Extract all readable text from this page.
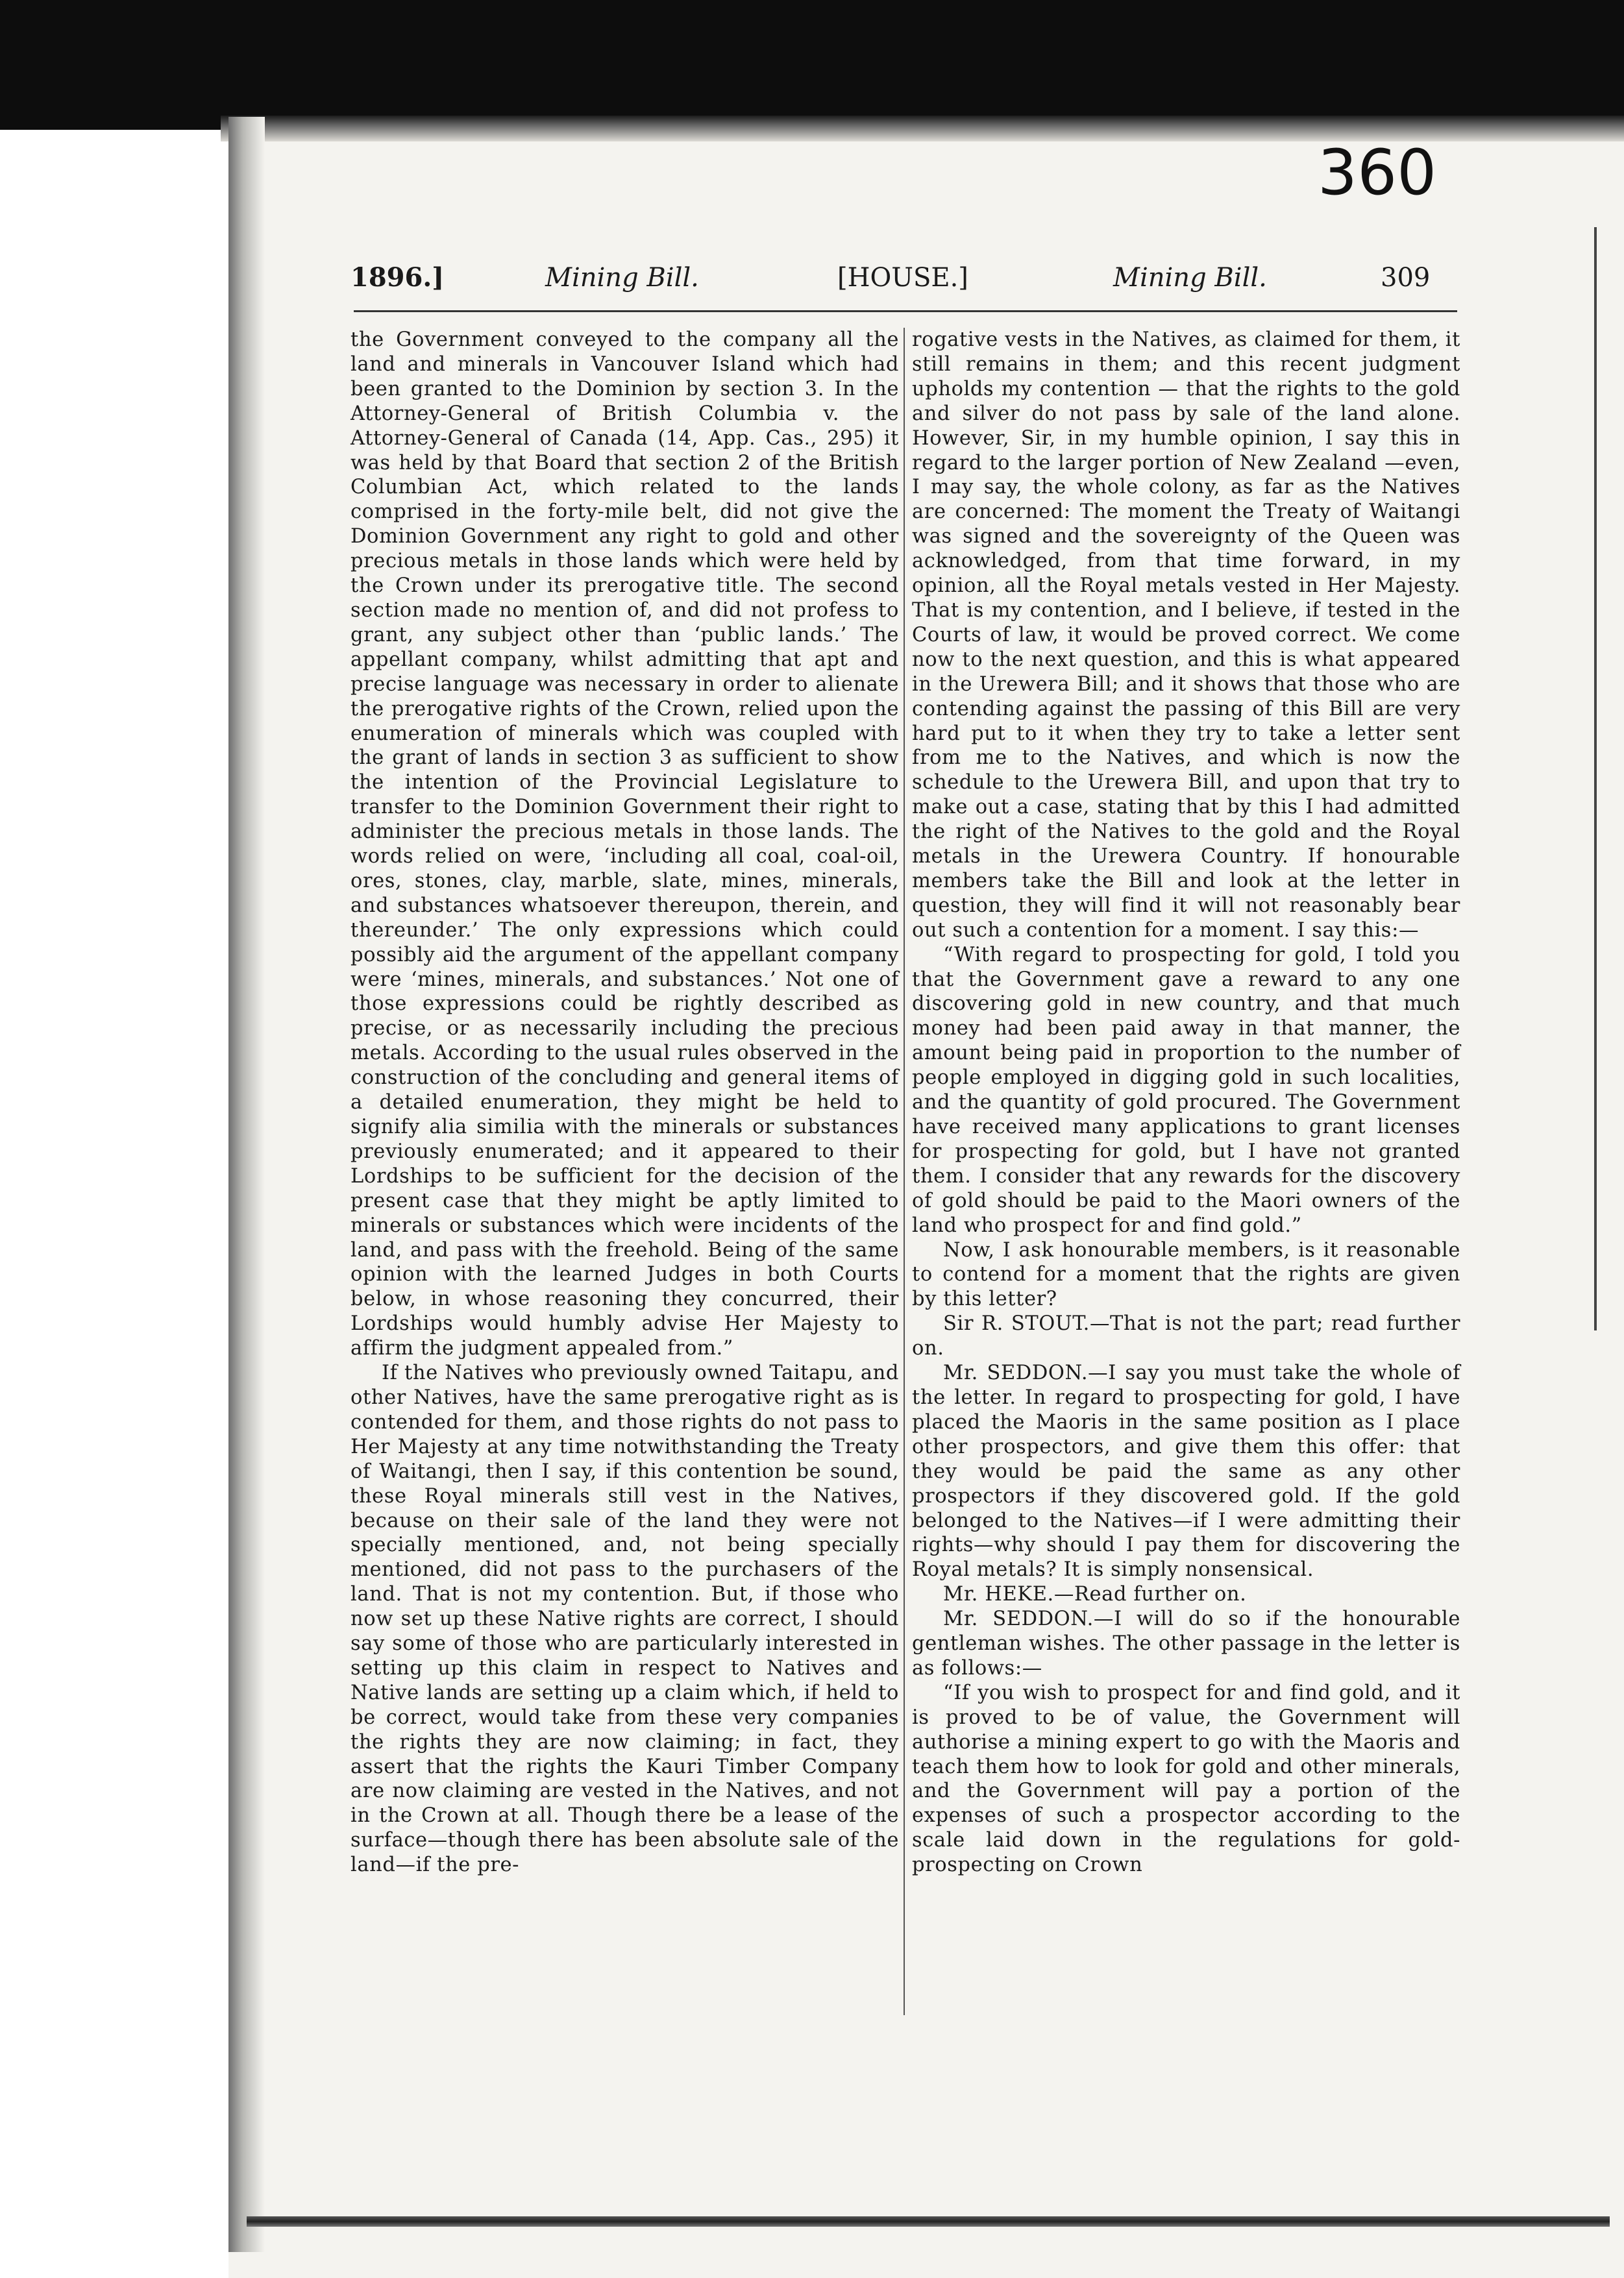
360
1896.]	Mining Bill.	[HOUSE.]	Mining Bill.	309

the Government conveyed to the company all the land and minerals in Vancouver Island which had been granted to the Dominion by section 3. In the Attorney-General of British Columbia v. the Attorney-General of Canada (14, App. Cas., 295) it was held by that Board that section 2 of the British Columbian Act, which related to the lands comprised in the forty-mile belt, did not give the Dominion Government any right to gold and other precious metals in those lands which were held by the Crown under its prerogative title. The second section made no mention of, and did not profess to grant, any subject other than ‘public lands.’ The appellant company, whilst admitting that apt and precise language was necessary in order to alienate the prerogative rights of the Crown, relied upon the enumeration of minerals which was coupled with the grant of lands in section 3 as sufficient to show the intention of the Provincial Legislature to transfer to the Dominion Government their right to administer the precious metals in those lands. The words relied on were, ‘including all coal, coal-oil, ores, stones, clay, marble, slate, mines, minerals, and substances whatsoever thereupon, therein, and thereunder.’ The only expressions which could possibly aid the argument of the appellant company were ‘mines, minerals, and substances.’ Not one of those expressions could be rightly described as precise, or as necessarily including the precious metals. According to the usual rules observed in the construction of the concluding and general items of a detailed enumeration, they might be held to signify alia similia with the minerals or substances previously enumerated; and it appeared to their Lordships to be sufficient for the decision of the present case that they might be aptly limited to minerals or substances which were incidents of the land, and pass with the freehold. Being of the same opinion with the learned Judges in both Courts below, in whose reasoning they concurred, their Lordships would humbly advise Her Majesty to affirm the judgment appealed from.”

If the Natives who previously owned Taitapu, and other Natives, have the same prerogative right as is contended for them, and those rights do not pass to Her Majesty at any time notwithstanding the Treaty of Waitangi, then I say, if this contention be sound, these Royal minerals still vest in the Natives, because on their sale of the land they were not specially mentioned, and, not being specially mentioned, did not pass to the purchasers of the land. That is not my contention. But, if those who now set up these Native rights are correct, I should say some of those who are particularly interested in setting up this claim in respect to Natives and Native lands are setting up a claim which, if held to be correct, would take from these very companies the rights they are now claiming; in fact, they assert that the rights the Kauri Timber Company are now claiming are vested in the Natives, and not in the Crown at all. Though there be a lease of the surface—though there has been absolute sale of the land—if the pre-

rogative vests in the Natives, as claimed for them, it still remains in them; and this recent judgment upholds my contention — that the rights to the gold and silver do not pass by sale of the land alone. However, Sir, in my humble opinion, I say this in regard to the larger portion of New Zealand —even, I may say, the whole colony, as far as the Natives are concerned: The moment the Treaty of Waitangi was signed and the sovereignty of the Queen was acknowledged, from that time forward, in my opinion, all the Royal metals vested in Her Majesty. That is my contention, and I believe, if tested in the Courts of law, it would be proved correct. We come now to the next question, and this is what appeared in the Urewera Bill; and it shows that those who are contending against the passing of this Bill are very hard put to it when they try to take a letter sent from me to the Natives, and which is now the schedule to the Urewera Bill, and upon that try to make out a case, stating that by this I had admitted the right of the Natives to the gold and the Royal metals in the Urewera Country. If honourable members take the Bill and look at the letter in question, they will find it will not reasonably bear out such a contention for a moment. I say this:—

“With regard to prospecting for gold, I told you that the Government gave a reward to any one discovering gold in new country, and that much money had been paid away in that manner, the amount being paid in proportion to the number of people employed in digging gold in such localities, and the quantity of gold procured. The Government have received many applications to grant licenses for prospecting for gold, but I have not granted them. I consider that any rewards for the discovery of gold should be paid to the Maori owners of the land who prospect for and find gold.”

Now, I ask honourable members, is it reasonable to contend for a moment that the rights are given by this letter?

Sir R. STOUT.—That is not the part; read further on.

Mr. SEDDON.—I say you must take the whole of the letter. In regard to prospecting for gold, I have placed the Maoris in the same position as I place other prospectors, and give them this offer: that they would be paid the same as any other prospectors if they discovered gold. If the gold belonged to the Natives—if I were admitting their rights—why should I pay them for discovering the Royal metals? It is simply nonsensical.

Mr. HEKE.—Read further on.

Mr. SEDDON.—I will do so if the honourable gentleman wishes. The other passage in the letter is as follows:—

“If you wish to prospect for and find gold, and it is proved to be of value, the Government will authorise a mining expert to go with the Maoris and teach them how to look for gold and other minerals, and the Government will pay a portion of the expenses of such a prospector according to the scale laid down in the regulations for gold-prospecting on Crown
